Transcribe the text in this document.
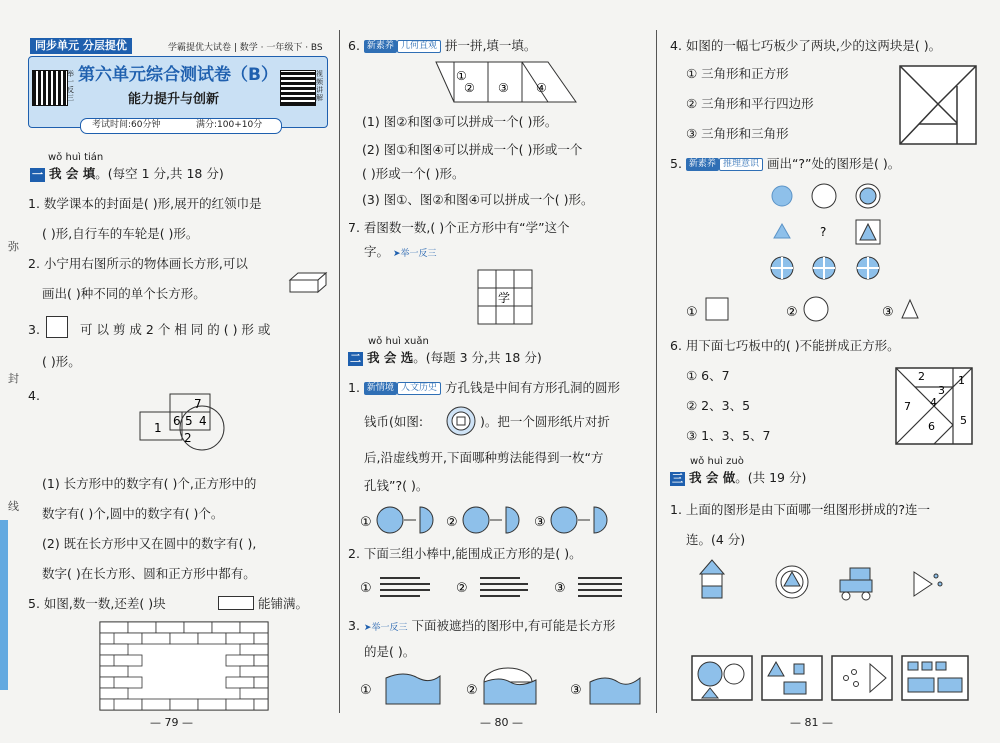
同步单元 分层提优	学霸提优大试卷 | 数学 · 一年级下 · BS
举一反三
视频讲解
第六单元综合测试卷（B）
能力提升与创新
考试时间:60分钟	满分:100+10分
wǒ huì tián
一 我 会 填。(每空 1 分,共 18 分)
1. 数学课本的封面是( )形,展开的红领巾是
( )形,自行车的车轮是( )形。
2. 小宁用右图所示的物体画长方形,可以
画出( )种不同的单个长方形。
3.	可 以 剪 成 2 个 相 同 的 ( ) 形 或
( )形。
4.
1
7
6 5 4
2
(1) 长方形中的数字有( )个,正方形中的
数字有( )个,圆中的数字有( )个。
(2) 既在长方形中又在圆中的数字有( ),
数字( )在长方形、圆和正方形中都有。
5. 如图,数一数,还差( )块	能铺满。
— 79 —
弥
封
线
6. 新素养 几何直观 拼一拼,填一填。
①
② ③ ④
(1) 图②和图③可以拼成一个( )形。
(2) 图①和图④可以拼成一个( )形或一个
( )形或一个( )形。
(3) 图①、图②和图④可以拼成一个( )形。
7. 看图数一数,( )个正方形中有“学”这个
字。 ➤举一反三
学
wǒ huì xuǎn
二 我 会 选。(每题 3 分,共 18 分)
1. 新情境 人文历史 方孔钱是中间有方形孔洞的圆形
钱币(如图:	)。把一个圆形纸片对折
后,沿虚线剪开,下面哪种剪法能得到一枚“方
孔钱”?( )。
①	②	③
2. 下面三组小棒中,能围成正方形的是( )。
①	②	③
3. ➤举一反三 下面被遮挡的图形中,有可能是长方形
的是( )。
①	②	③
— 80 —
4. 如图的一幅七巧板少了两块,少的这两块是( )。
① 三角形和正方形
② 三角形和平行四边形
③ 三角形和三角形
5. 新素养 推理意识 画出“?”处的图形是( )。
?
①	②	③
6. 用下面七巧板中的( )不能拼成正方形。
① 6、7
② 2、3、5
③ 1、3、5、7
2	1
3
4
7
5
6
wǒ huì zuò
三 我 会 做。(共 19 分)
1. 上面的图形是由下面哪一组图形拼成的?连一
连。(4 分)
— 81 —
